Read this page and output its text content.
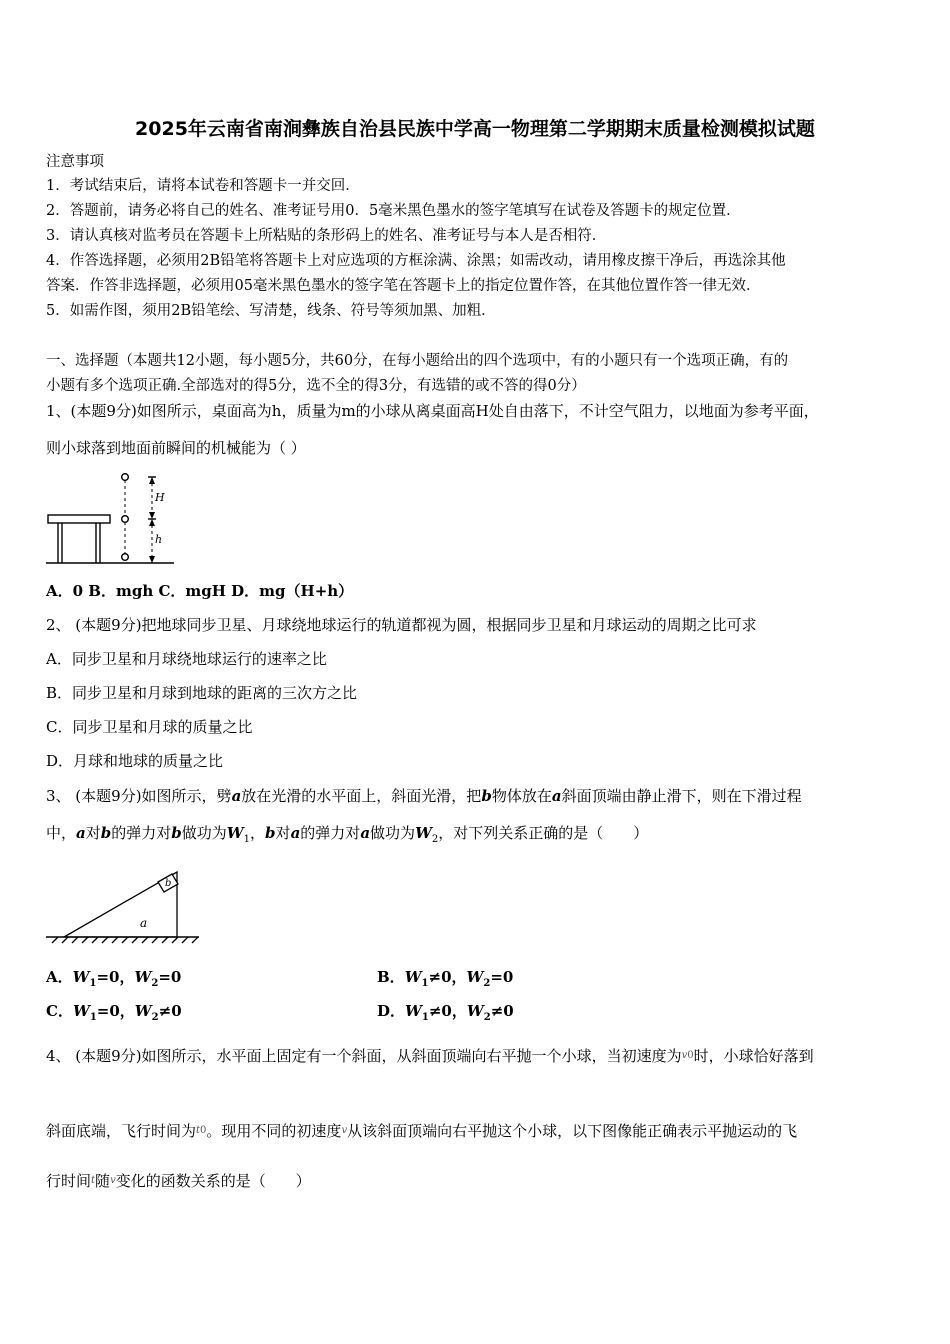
2025年云南省南涧彝族自治县民族中学高一物理第二学期期末质量检测模拟试题
注意事项
1．考试结束后，请将本试卷和答题卡一并交回．
2．答题前，请务必将自己的姓名、准考证号用0．5毫米黑色墨水的签字笔填写在试卷及答题卡的规定位置．
3．请认真核对监考员在答题卡上所粘贴的条形码上的姓名、准考证号与本人是否相符．
4．作答选择题，必须用2B铅笔将答题卡上对应选项的方框涂满、涂黑；如需改动，请用橡皮擦干净后，再选涂其他
答案．作答非选择题，必须用05毫米黑色墨水的签字笔在答题卡上的指定位置作答，在其他位置作答一律无效．
5．如需作图，须用2B铅笔绘、写清楚，线条、符号等须加黑、加粗．
一、选择题（本题共12小题，每小题5分，共60分，在每小题给出的四个选项中，有的小题只有一个选项正确，有的
小题有多个选项正确.全部选对的得5分，选不全的得3分，有选错的或不答的得0分）
1、(本题9分)如图所示，桌面高为h，质量为m的小球从离桌面高H处自由落下，不计空气阻力，以地面为参考平面，
则小球落到地面前瞬间的机械能为（ ）
H
h
A．0 B．mgh C．mgH D．mg（H+h）
2、 (本题9分)把地球同步卫星、月球绕地球运行的轨道都视为圆，根据同步卫星和月球运动的周期之比可求
A．同步卫星和月球绕地球运行的速率之比
B．同步卫星和月球到地球的距离的三次方之比
C．同步卫星和月球的质量之比
D．月球和地球的质量之比
3、 (本题9分)如图所示，劈a放在光滑的水平面上，斜面光滑，把b物体放在a斜面顶端由静止滑下，则在下滑过程
中，a对b的弹力对b做功为$W_1$，b对a的弹力对a做功为$W_2$，对下列关系正确的是（　　）
b
a
A．$W_1=0$，$W_2=0$	B．$W_1\ne 0$，$W_2=0$
C．$W_1=0$，$W_2\ne 0$	D．$W_1\ne 0$，$W_2\ne 0$
4、 (本题9分)如图所示，水平面上固定有一个斜面，从斜面顶端向右平抛一个小球，当初速度为$^v_0$时，小球恰好落到
斜面底端，飞行时间为$^t_0$。现用不同的初速度$^v$从该斜面顶端向右平抛这个小球，以下图像能正确表示平抛运动的飞
行时间$^t$随$^v$变化的函数关系的是（　　）
